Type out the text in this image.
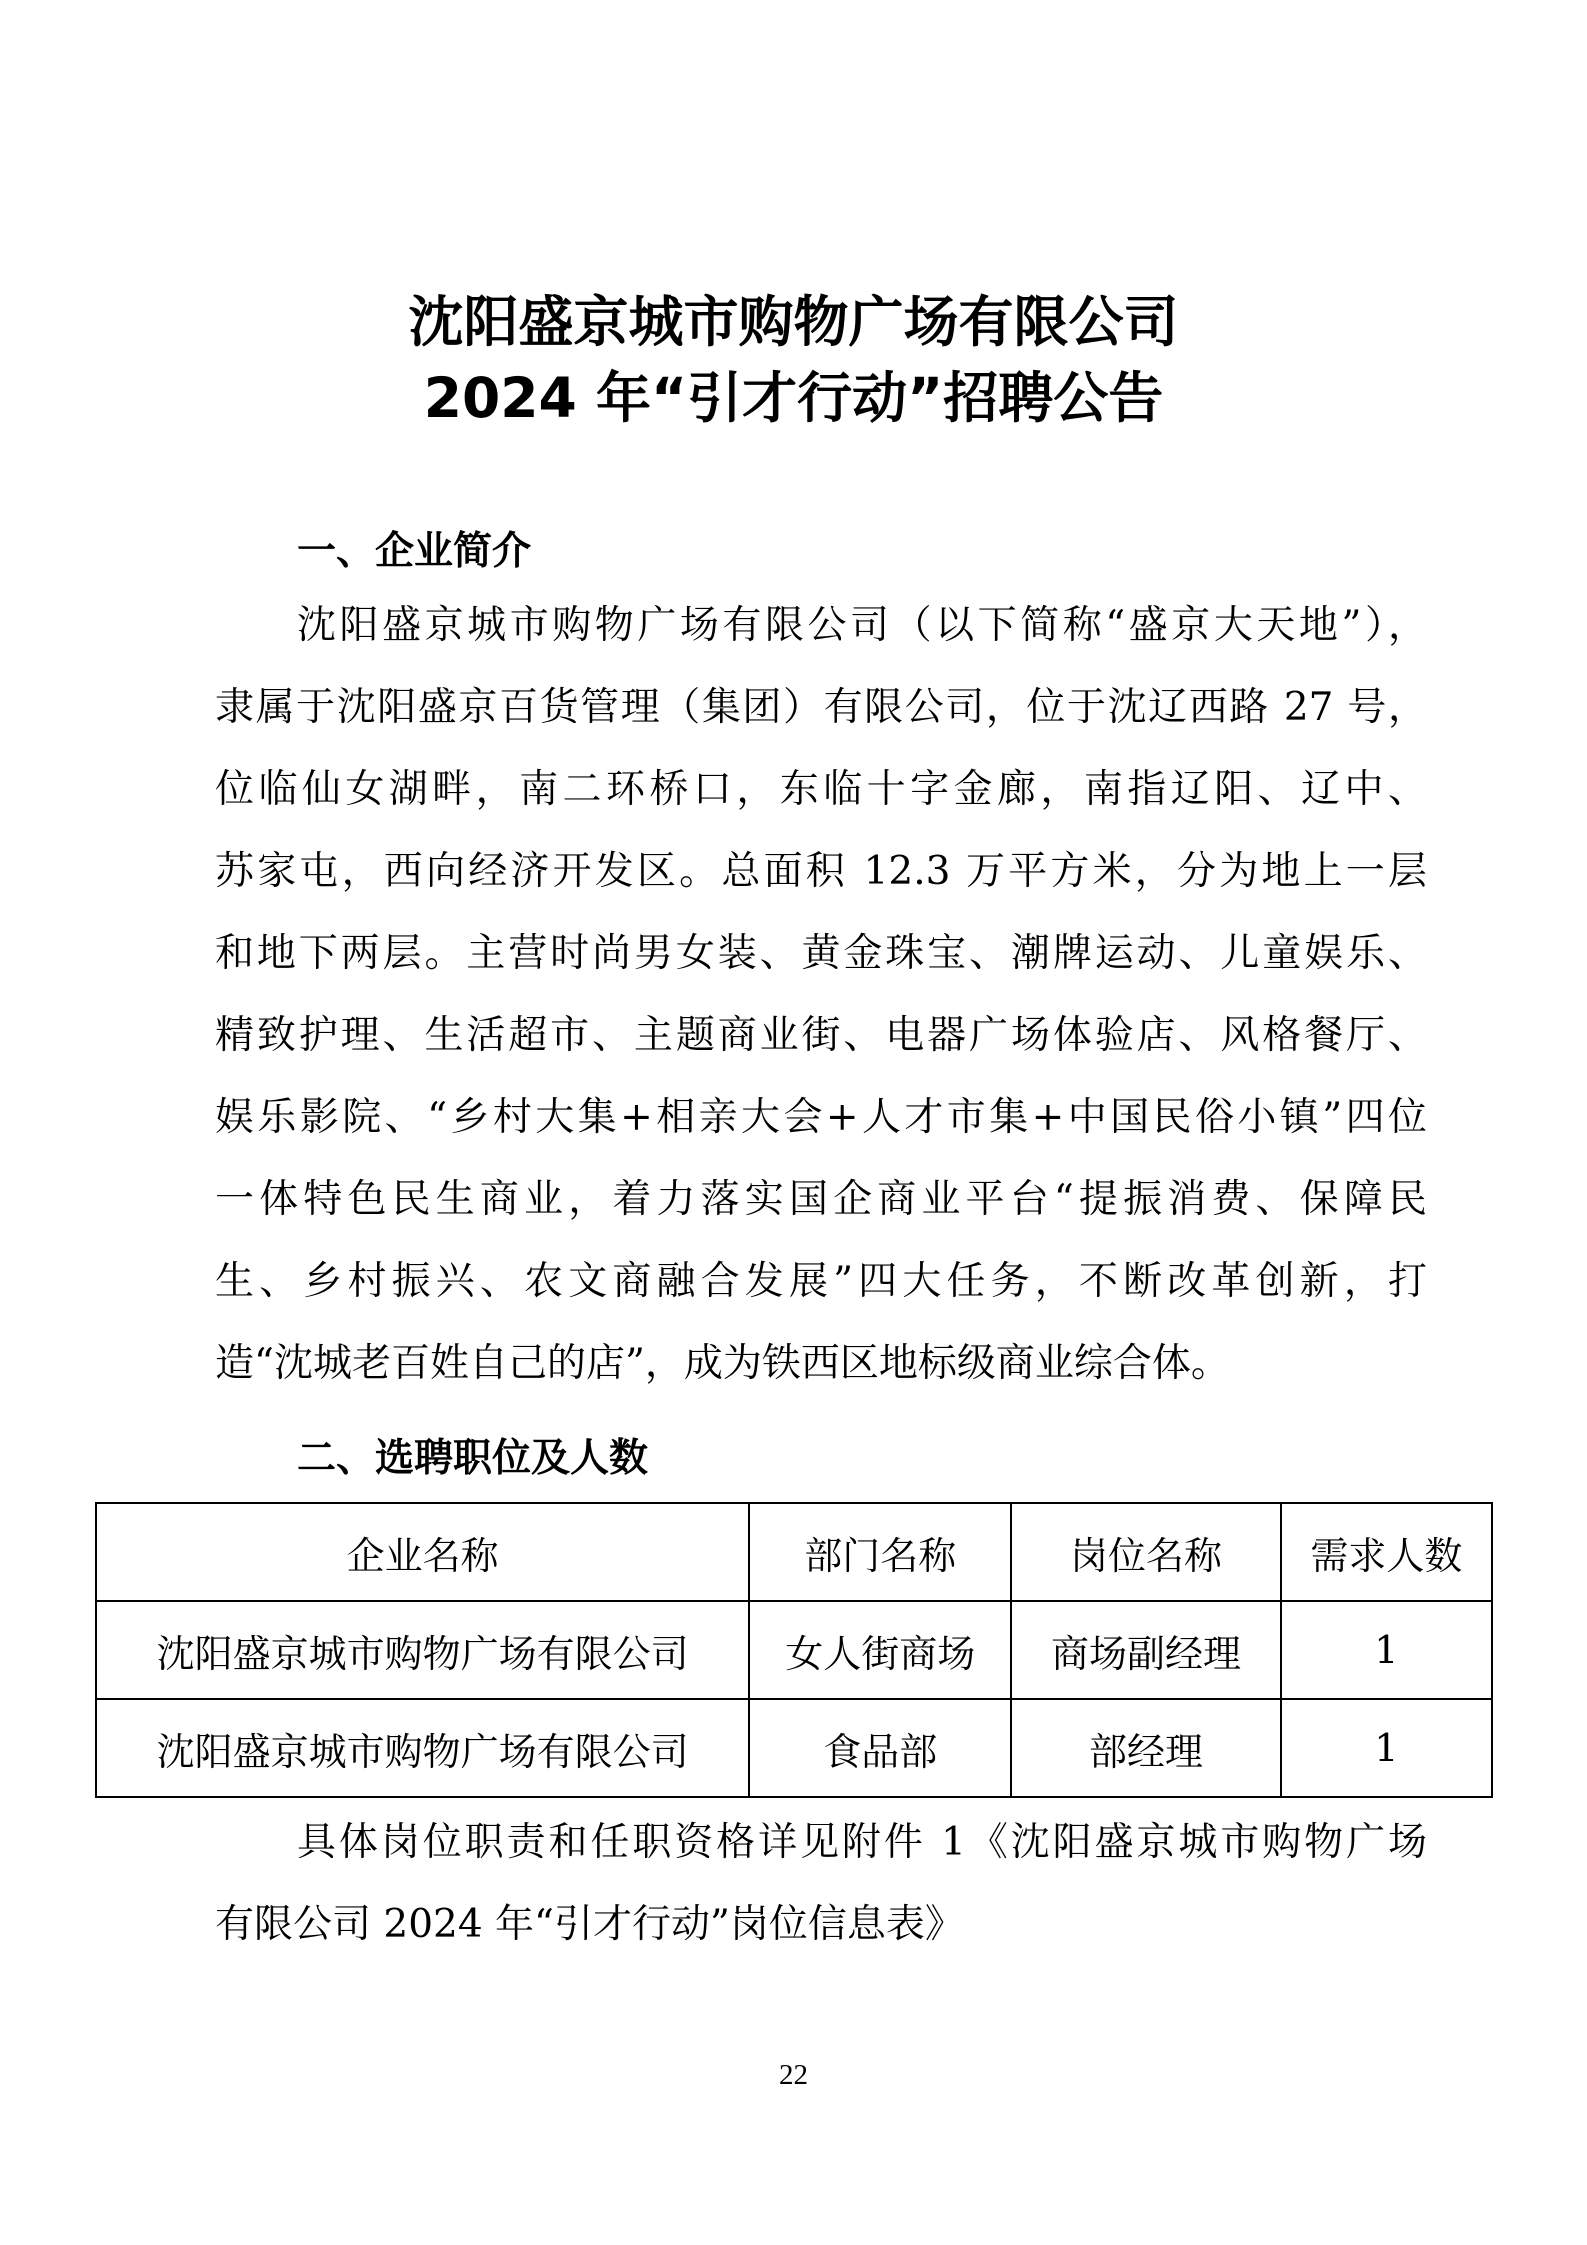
沈阳盛京城市购物广场有限公司
2024 年“引才行动”招聘公告
一、企业简介
沈阳盛京城市购物广场有限公司（以下简称“盛京大天地”），
隶属于沈阳盛京百货管理（集团）有限公司，位于沈辽西路 27 号，
位临仙女湖畔，南二环桥口，东临十字金廊，南指辽阳、辽中、
苏家屯，西向经济开发区。总面积 12.3 万平方米，分为地上一层
和地下两层。主营时尚男女装、黄金珠宝、潮牌运动、儿童娱乐、
精致护理、生活超市、主题商业街、电器广场体验店、风格餐厅、
娱乐影院、“乡村大集+相亲大会+人才市集+中国民俗小镇”四位
一体特色民生商业，着力落实国企商业平台“提振消费、保障民
生、乡村振兴、农文商融合发展”四大任务，不断改革创新，打
造“沈城老百姓自己的店”，成为铁西区地标级商业综合体。
二、选聘职位及人数
企业名称	部门名称	岗位名称	需求人数
沈阳盛京城市购物广场有限公司	女人街商场	商场副经理	1
沈阳盛京城市购物广场有限公司	食品部	部经理	1
具体岗位职责和任职资格详见附件 1《沈阳盛京城市购物广场
有限公司 2024 年“引才行动”岗位信息表》
22
